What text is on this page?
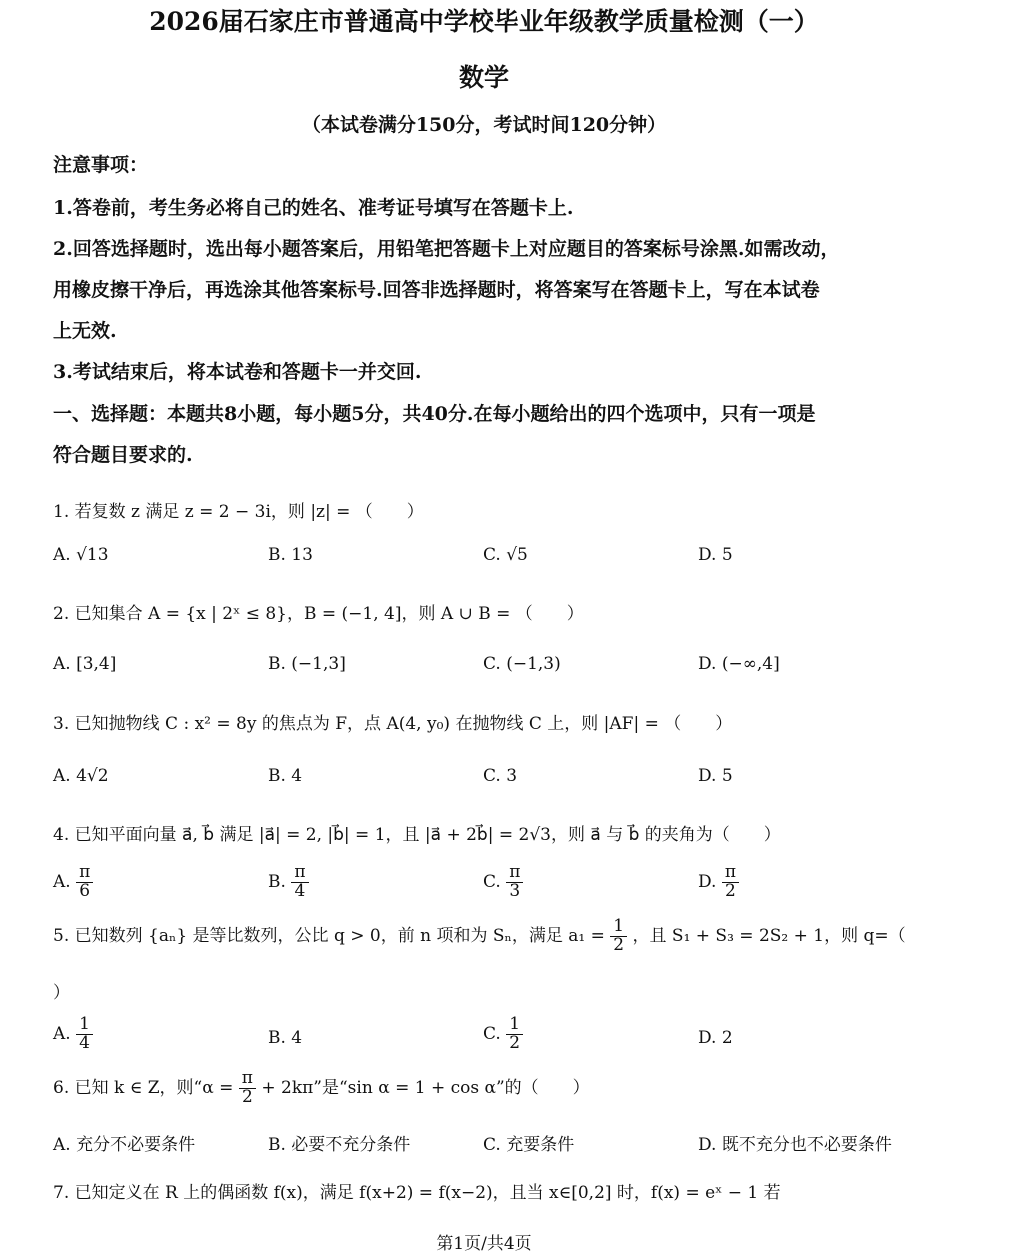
2026届石家庄市普通高中学校毕业年级教学质量检测（一）
数学
（本试卷满分150分，考试时间120分钟）
注意事项：
1.答卷前，考生务必将自己的姓名、准考证号填写在答题卡上.
2.回答选择题时，选出每小题答案后，用铅笔把答题卡上对应题目的答案标号涂黑.如需改动，
用橡皮擦干净后，再选涂其他答案标号.回答非选择题时，将答案写在答题卡上，写在本试卷
上无效.
3.考试结束后，将本试卷和答题卡一并交回.
一、选择题：本题共8小题，每小题5分，共40分.在每小题给出的四个选项中，只有一项是
符合题目要求的.
1. 若复数 z 满足 z = 2 − 3i，则 |z| = （　　）
A. √13	B. 13	C. √5	D. 5
2. 已知集合 A = {x | 2ˣ ≤ 8}，B = (−1, 4]，则 A ∪ B = （　　）
A. [3,4]	B. (−1,3]	C. (−1,3)	D. (−∞,4]
3. 已知抛物线 C : x² = 8y 的焦点为 F，点 A(4, y₀) 在抛物线 C 上，则 |AF| = （　　）
A. 4√2	B. 4	C. 3	D. 5
4. 已知平面向量 a⃗, b⃗ 满足 |a⃗| = 2, |b⃗| = 1，且 |a⃗ + 2b⃗| = 2√3，则 a⃗ 与 b⃗ 的夹角为（　　）
A. $\frac{\pi}{6}$	B. $\frac{\pi}{4}$	C. $\frac{\pi}{3}$	D. $\frac{\pi}{2}$
5. 已知数列 {aₙ} 是等比数列，公比 q > 0，前 n 项和为 Sₙ，满足 $a_1 = \frac{1}{2}$ ，且 S₁ + S₃ = 2S₂ + 1，则 q=（
）
A. $\frac{1}{4}$	B. 4	C. $\frac{1}{2}$	D. 2
6. 已知 k ∈ Z，则“$\alpha = \frac{\pi}{2} + 2k\pi$”是“sin α = 1 + cos α”的（　　）
A. 充分不必要条件	B. 必要不充分条件	C. 充要条件	D. 既不充分也不必要条件
7. 已知定义在 R 上的偶函数 f(x)，满足 f(x+2) = f(x−2)，且当 x∈[0,2] 时，f(x) = eˣ − 1 若
第1页/共4页
